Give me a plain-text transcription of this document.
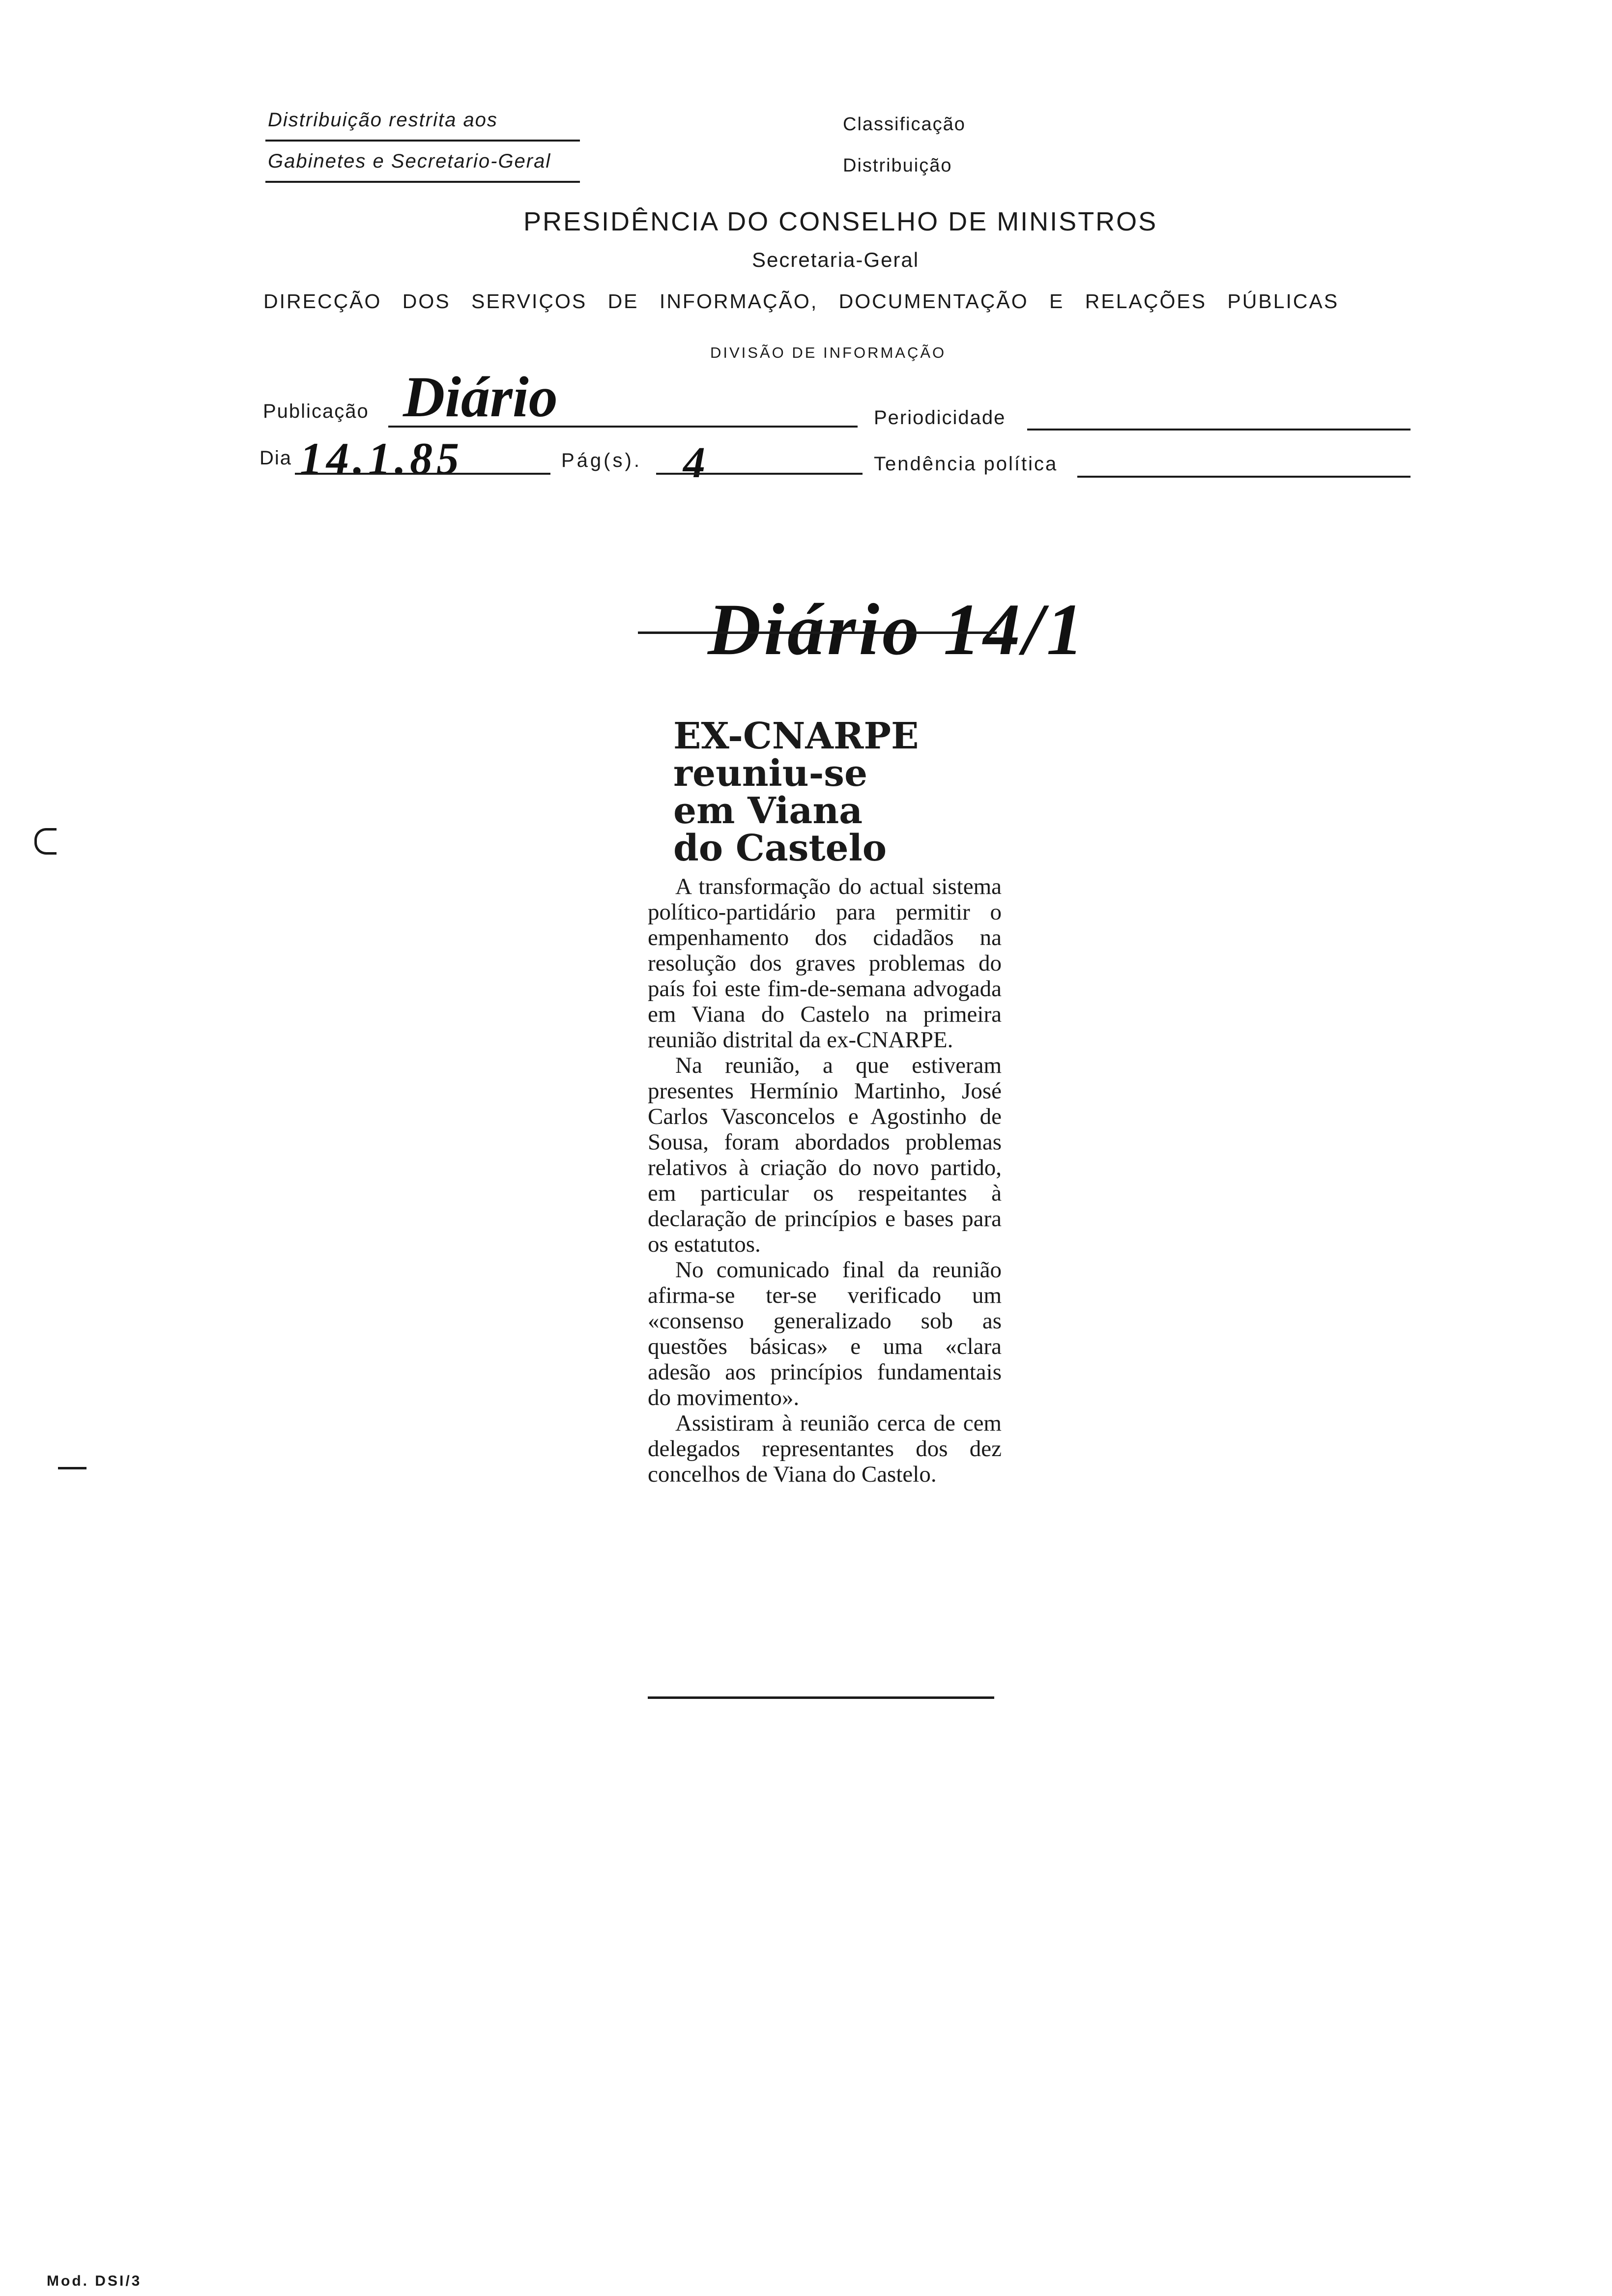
Distribuição restrita aos
Gabinetes e Secretario-Geral
Classificação
Distribuição
PRESIDÊNCIA DO CONSELHO DE MINISTROS
Secretaria-Geral
DIRECÇÃO DOS SERVIÇOS DE INFORMAÇÃO, DOCUMENTAÇÃO E RELAÇÕES PÚBLICAS
DIVISÃO DE INFORMAÇÃO
Publicação Diário	Periodicidade
Dia 14.1.85	Pág(s). 4	Tendência política
Diário 14/1
EX-CNARPE
reuniu-se
em Viana
do Castelo

A transformação do actual sistema político-partidário para permitir o empenhamento dos cidadãos na resolução dos graves problemas do país foi este fim-de-semana advogada em Viana do Castelo na primeira reunião distrital da ex-CNARPE.

Na reunião, a que estiveram presentes Hermínio Martinho, José Carlos Vasconcelos e Agostinho de Sousa, foram abordados problemas relativos à criação do novo partido, em particular os respeitantes à declaração de princípios e bases para os estatutos.

No comunicado final da reunião afirma-se ter-se verificado um «consenso generalizado sob as questões básicas» e uma «clara adesão aos princípios fundamentais do movimento».

Assistiram à reunião cerca de cem delegados representantes dos dez concelhos de Viana do Castelo.

Mod. DSI/3
